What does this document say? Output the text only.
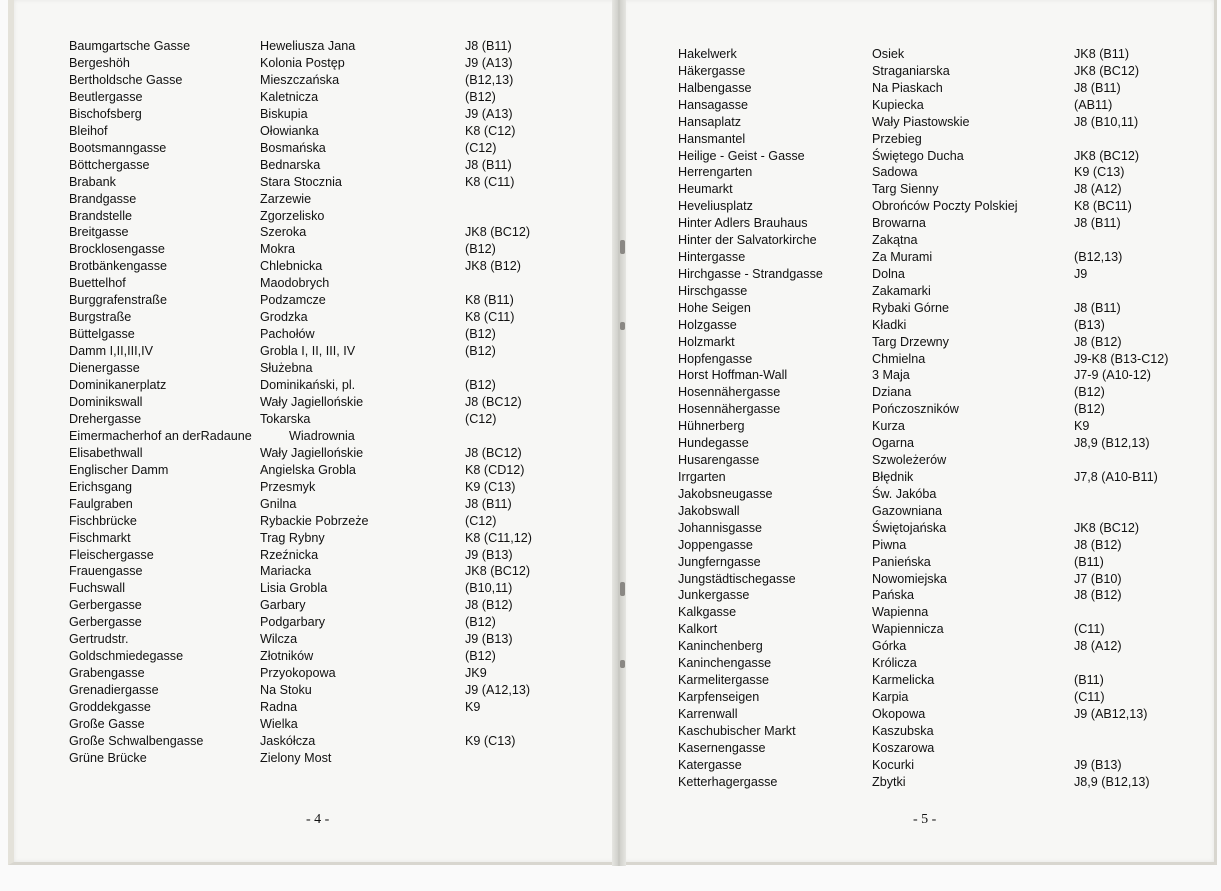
Baumgartsche Gasse	Heweliusza Jana	J8 (B11)
Bergeshöh	Kolonia Postęp	J9 (A13)
Bertholdsche Gasse	Mieszczańska	(B12,13)
Beutlergasse	Kaletnicza	(B12)
Bischofsberg	Biskupia	J9 (A13)
Bleihof	Ołowianka	K8 (C12)
Bootsmanngasse	Bosmańska	(C12)
Böttchergasse	Bednarska	J8 (B11)
Brabank	Stara Stocznia	K8 (C11)
Brandgasse	Zarzewie
Brandstelle	Zgorzelisko
Breitgasse	Szeroka	JK8 (BC12)
Brocklosengasse	Mokra	(B12)
Brotbänkengasse	Chlebnicka	JK8 (B12)
Buettelhof	Maodobrych
Burggrafenstraße	Podzamcze	K8 (B11)
Burgstraße	Grodzka	K8 (C11)
Büttelgasse	Pachołów	(B12)
Damm I,II,III,IV	Grobla I, II, III, IV	(B12)
Dienergasse	Służebna
Dominikanerplatz	Dominikański, pl.	(B12)
Dominikswall	Wały Jagiellońskie	J8 (BC12)
Drehergasse	Tokarska	(C12)
Eimermacherhof an derRadaune	Wiadrownia
Elisabethwall	Wały Jagiellońskie	J8 (BC12)
Englischer Damm	Angielska Grobla	K8 (CD12)
Erichsgang	Przesmyk	K9 (C13)
Faulgraben	Gnilna	J8 (B11)
Fischbrücke	Rybackie Pobrzeże	(C12)
Fischmarkt	Trag Rybny	K8 (C11,12)
Fleischergasse	Rzeźnicka	J9 (B13)
Frauengasse	Mariacka	JK8 (BC12)
Fuchswall	Lisia Grobla	(B10,11)
Gerbergasse	Garbary	J8 (B12)
Gerbergasse	Podgarbary	(B12)
Gertrudstr.	Wilcza	J9 (B13)
Goldschmiedegasse	Złotników	(B12)
Grabengasse	Przyokopowa	JK9
Grenadiergasse	Na Stoku	J9 (A12,13)
Groddekgasse	Radna	K9
Große Gasse	Wielka
Große Schwalbengasse	Jaskółcza	K9 (C13)
Grüne Brücke	Zielony Most
Hakelwerk	Osiek	JK8 (B11)
Häkergasse	Straganiarska	JK8 (BC12)
Halbengasse	Na Piaskach	J8 (B11)
Hansagasse	Kupiecka	(AB11)
Hansaplatz	Wały Piastowskie	J8 (B10,11)
Hansmantel	Przebieg
Heilige - Geist - Gasse	Świętego Ducha	JK8 (BC12)
Herrengarten	Sadowa	K9 (C13)
Heumarkt	Targ Sienny	J8 (A12)
Heveliusplatz	Obrońców Poczty Polskiej	K8 (BC11)
Hinter Adlers Brauhaus	Browarna	J8 (B11)
Hinter der Salvatorkirche	Zakątna
Hintergasse	Za Murami	(B12,13)
Hirchgasse - Strandgasse	Dolna	J9
Hirschgasse	Zakamarki
Hohe Seigen	Rybaki Górne	J8 (B11)
Holzgasse	Kładki	(B13)
Holzmarkt	Targ Drzewny	J8 (B12)
Hopfengasse	Chmielna	J9-K8 (B13-C12)
Horst Hoffman-Wall	3 Maja	J7-9 (A10-12)
Hosennähergasse	Dziana	(B12)
Hosennähergasse	Pończoszników	(B12)
Hühnerberg	Kurza	K9
Hundegasse	Ogarna	J8,9 (B12,13)
Husarengasse	Szwoleżerów
Irrgarten	Błędnik	J7,8 (A10-B11)
Jakobsneugasse	Św. Jakóba
Jakobswall	Gazowniana
Johannisgasse	Świętojańska	JK8 (BC12)
Joppengasse	Piwna	J8 (B12)
Jungferngasse	Panieńska	(B11)
Jungstädtischegasse	Nowomiejska	J7 (B10)
Junkergasse	Pańska	J8 (B12)
Kalkgasse	Wapienna
Kalkort	Wapiennicza	(C11)
Kaninchenberg	Górka	J8 (A12)
Kaninchengasse	Królicza
Karmelitergasse	Karmelicka	(B11)
Karpfenseigen	Karpia	(C11)
Karrenwall	Okopowa	J9 (AB12,13)
Kaschubischer Markt	Kaszubska
Kasernengasse	Koszarowa
Katergasse	Kocurki	J9 (B13)
Ketterhagergasse	Zbytki	J8,9 (B12,13)
- 4 -	- 5 -
